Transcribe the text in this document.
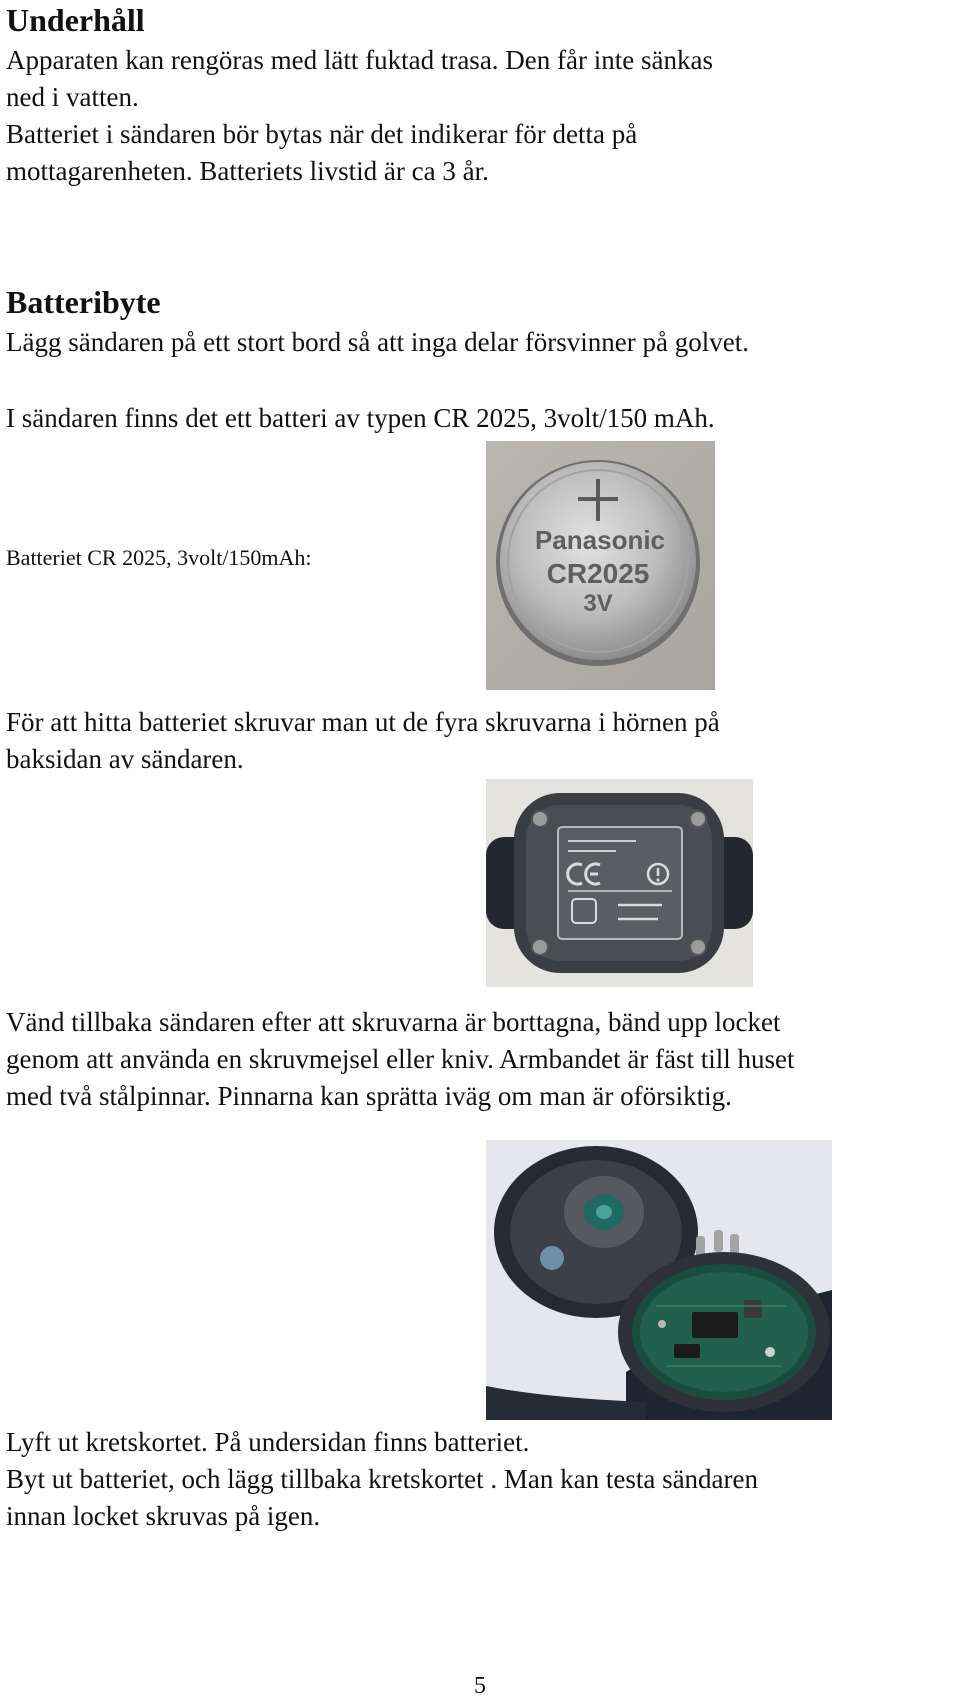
Underhåll

Apparaten kan rengöras med lätt fuktad trasa. Den får inte sänkas
ned i vatten.
Batteriet i sändaren bör bytas när det indikerar för detta på
mottagarenheten. Batteriets livstid är ca 3 år.

Batteribyte

Lägg sändaren på ett stort bord så att inga delar försvinner på golvet.

I sändaren finns det ett batteri av typen CR 2025, 3volt/150 mAh.

Batteriet CR 2025, 3volt/150mAh:
Panasonic
CR2025
3V

För att hitta batteriet skruvar man ut de fyra skruvarna i hörnen på
baksidan av sändaren.

Vänd tillbaka sändaren efter att skruvarna är borttagna, bänd upp locket
genom att använda en skruvmejsel eller kniv. Armbandet är fäst till huset
med två stålpinnar. Pinnarna kan sprätta iväg om man är oförsiktig.

Lyft ut kretskortet. På undersidan finns batteriet.
Byt ut batteriet, och lägg tillbaka kretskortet . Man kan testa sändaren
innan locket skruvas på igen.

5
